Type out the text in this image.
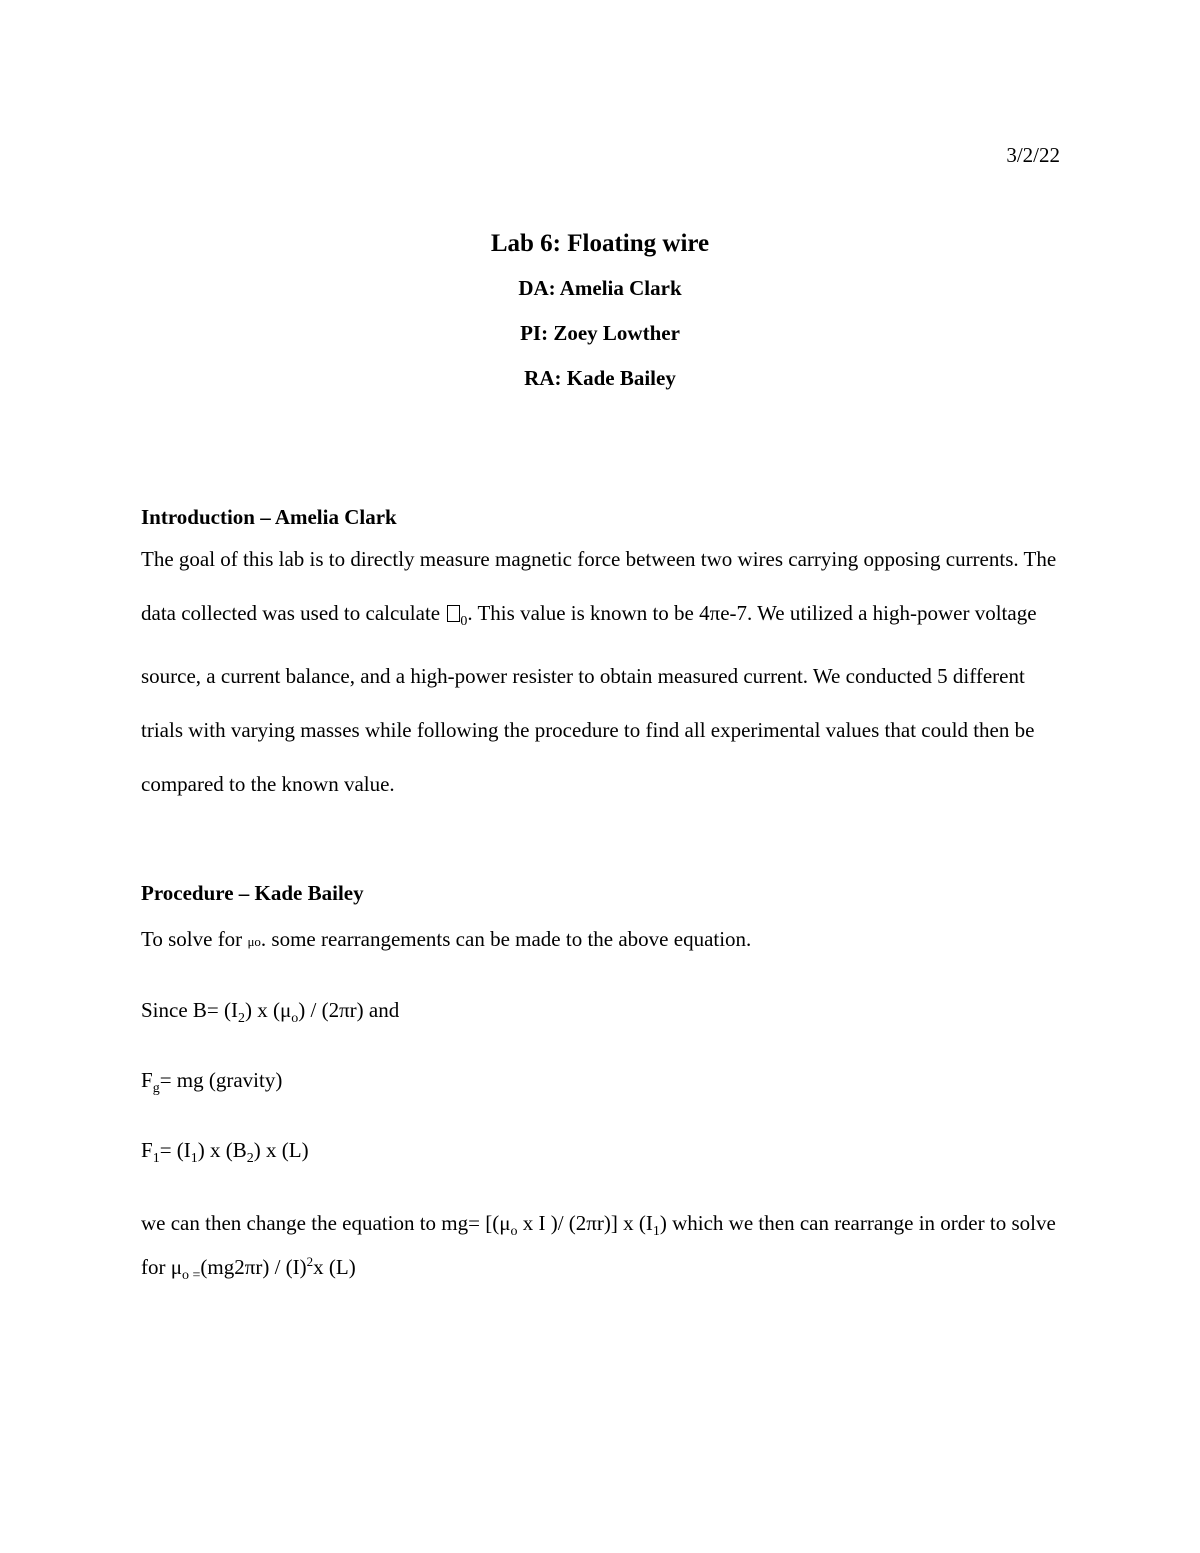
3/2/22
Lab 6: Floating wire
DA: Amelia Clark
PI: Zoey Lowther
RA: Kade Bailey
Introduction – Amelia Clark
The goal of this lab is to directly measure magnetic force between two wires carrying opposing currents. The data collected was used to calculate $_0$. This value is known to be 4πe-7. We utilized a high-power voltage source, a current balance, and a high-power resister to obtain measured current. We conducted 5 different trials with varying masses while following the procedure to find all experimental values that could then be compared to the known value.
Procedure – Kade Bailey
To solve for μo. some rearrangements can be made to the above equation.
Since $B= (I_2)$ x $(\mu_o) / (2\pi r)$ and
$F_g=$ mg (gravity)
$F_1= (I_1)$ x $(B_2)$ x (L)
we can then change the equation to $mg= [(\mu_o$ x I )/ (2πr)] x $(I_1)$ which we then can rearrange in order to solve for $\mu_{o =}(mg2\pi r) / (I)^2x$ (L)
